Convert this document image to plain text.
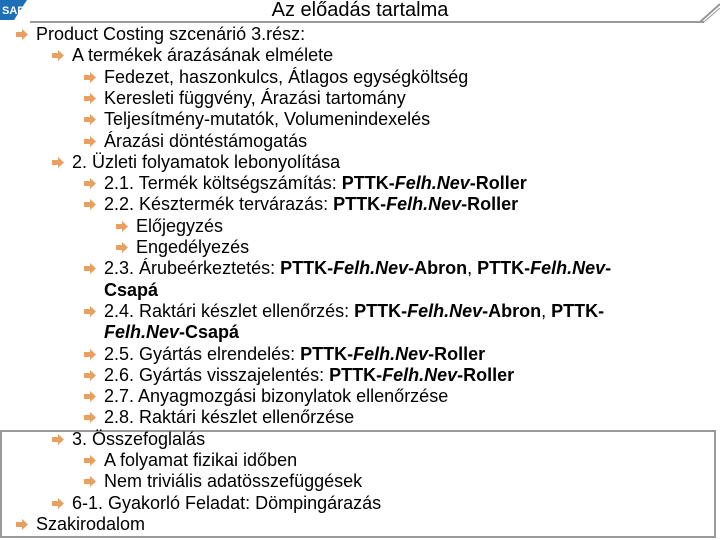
SAP	Az előadás tartalma
Product Costing szcenárió 3.rész:
A termékek árazásának elmélete
Fedezet, haszonkulcs, Átlagos egységköltség
Keresleti függvény, Árazási tartomány
Teljesítmény-mutatók, Volumenindexelés
Árazási döntéstámogatás
2. Üzleti folyamatok lebonyolítása
2.1. Termék költségszámítás: PTTK-Felh.Nev-Roller
2.2. Késztermék tervárazás: PTTK-Felh.Nev-Roller
Előjegyzés
Engedélyezés
2.3. Árubeérkeztetés: PTTK-Felh.Nev-Abron, PTTK-Felh.Nev-
Csapá
2.4. Raktári készlet ellenőrzés: PTTK-Felh.Nev-Abron, PTTK-
Felh.Nev-Csapá
2.5. Gyártás elrendelés: PTTK-Felh.Nev-Roller
2.6. Gyártás visszajelentés: PTTK-Felh.Nev-Roller
2.7. Anyagmozgási bizonylatok ellenőrzése
2.8. Raktári készlet ellenőrzése
3. Összefoglalás
A folyamat fizikai időben
Nem triviális adatösszefüggések
6-1. Gyakorló Feladat: Dömpingárazás
Szakirodalom
